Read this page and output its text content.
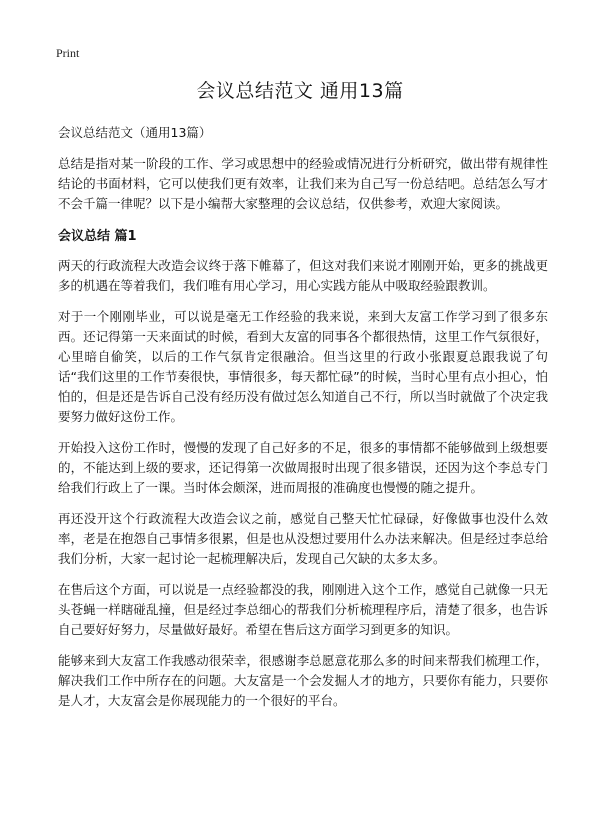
Print
会议总结范文 通用13篇
会议总结范文（通用13篇）

总结是指对某一阶段的工作、学习或思想中的经验或情况进行分析研究，做出带有规律性结论的书面材料，它可以使我们更有效率，让我们来为自己写一份总结吧。总结怎么写才不会千篇一律呢？以下是小编帮大家整理的会议总结，仅供参考，欢迎大家阅读。

会议总结 篇1

两天的行政流程大改造会议终于落下帷幕了，但这对我们来说才刚刚开始，更多的挑战更多的机遇在等着我们，我们唯有用心学习，用心实践方能从中吸取经验跟教训。

对于一个刚刚毕业，可以说是毫无工作经验的我来说，来到大友富工作学习到了很多东西。还记得第一天来面试的时候，看到大友富的同事各个都很热情，这里工作气氛很好，心里暗自偷笑，以后的工作气氛肯定很融洽。但当这里的行政小张跟夏总跟我说了句话“我们这里的工作节奏很快，事情很多，每天都忙碌”的时候，当时心里有点小担心，怕怕的，但是还是告诉自己没有经历没有做过怎么知道自己不行，所以当时就做了个决定我要努力做好这份工作。

开始投入这份工作时，慢慢的发现了自己好多的不足，很多的事情都不能够做到上级想要的，不能达到上级的要求，还记得第一次做周报时出现了很多错误，还因为这个李总专门给我们行政上了一课。当时体会颇深，进而周报的准确度也慢慢的随之提升。

再还没开这个行政流程大改造会议之前，感觉自己整天忙忙碌碌，好像做事也没什么效率，老是在抱怨自己事情多很累，但是也从没想过要用什么办法来解决。但是经过李总给我们分析，大家一起讨论一起梳理解决后，发现自己欠缺的太多太多。

在售后这个方面，可以说是一点经验都没的我，刚刚进入这个工作，感觉自己就像一只无头苍蝇一样瞎碰乱撞，但是经过李总细心的帮我们分析梳理程序后，清楚了很多，也告诉自己要好好努力，尽量做好最好。希望在售后这方面学习到更多的知识。

能够来到大友富工作我感动很荣幸，很感谢李总愿意花那么多的时间来帮我们梳理工作，解决我们工作中所存在的问题。大友富是一个会发掘人才的地方，只要你有能力，只要你是人才，大友富会是你展现能力的一个很好的平台。
